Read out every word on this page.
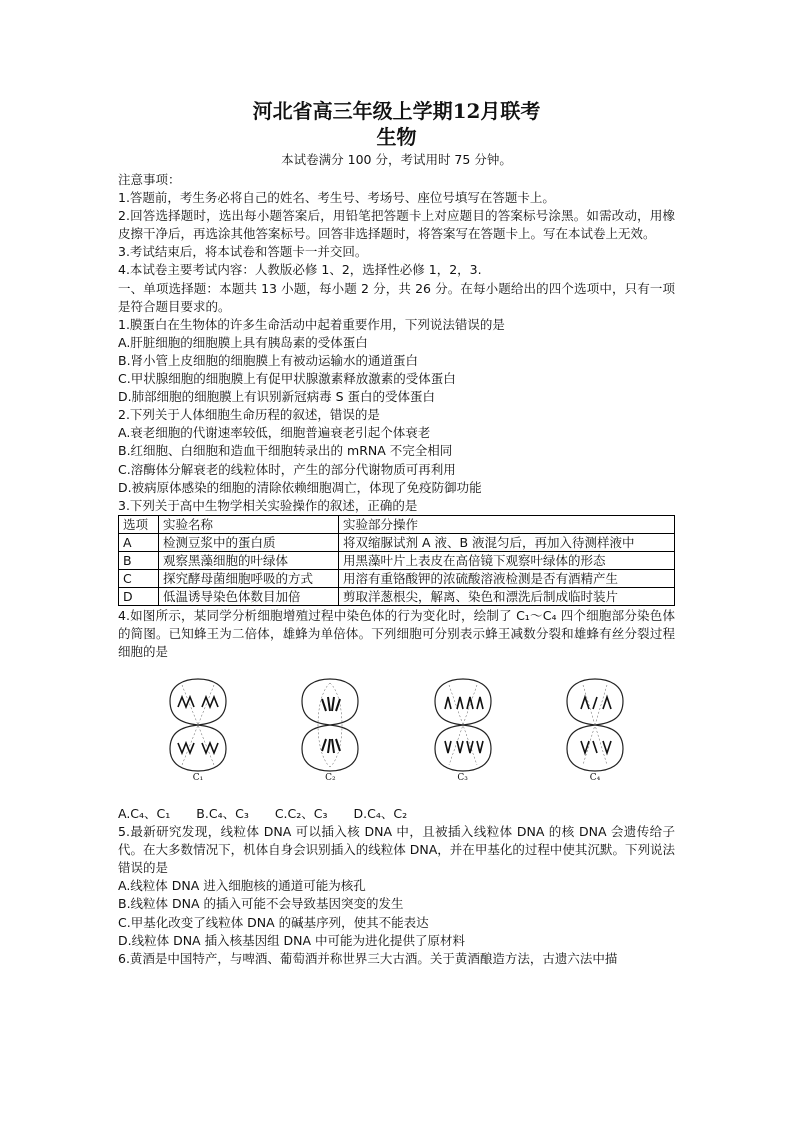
河北省高三年级上学期12月联考
生物

本试卷满分 100 分，考试用时 75 分钟。

注意事项：

1.答题前，考生务必将自己的姓名、考生号、考场号、座位号填写在答题卡上。

2.回答选择题时，选出每小题答案后，用铅笔把答题卡上对应题目的答案标号涂黑。如需改动，用橡皮擦干净后，再选涂其他答案标号。回答非选择题时，将答案写在答题卡上。写在本试卷上无效。

3.考试结束后，将本试卷和答题卡一并交回。

4.本试卷主要考试内容：人教版必修 1、2，选择性必修 1，2，3.

一、单项选择题：本题共 13 小题，每小题 2 分，共 26 分。在每小题给出的四个选项中，只有一项是符合题目要求的。

1.膜蛋白在生物体的许多生命活动中起着重要作用，下列说法错误的是

A.肝脏细胞的细胞膜上具有胰岛素的受体蛋白

B.肾小管上皮细胞的细胞膜上有被动运输水的通道蛋白

C.甲状腺细胞的细胞膜上有促甲状腺激素释放激素的受体蛋白

D.肺部细胞的细胞膜上有识别新冠病毒 S 蛋白的受体蛋白

2.下列关于人体细胞生命历程的叙述，错误的是

A.衰老细胞的代谢速率较低，细胞普遍衰老引起个体衰老

B.红细胞、白细胞和造血干细胞转录出的 mRNA 不完全相同

C.溶酶体分解衰老的线粒体时，产生的部分代谢物质可再利用

D.被病原体感染的细胞的清除依赖细胞凋亡，体现了免疫防御功能

3.下列关于高中生物学相关实验操作的叙述，正确的是

选项	实验名称	实验部分操作
A	检测豆浆中的蛋白质	将双缩脲试剂 A 液、B 液混匀后，再加入待测样液中
B	观察黑藻细胞的叶绿体	用黑藻叶片上表皮在高倍镜下观察叶绿体的形态
C	探究酵母菌细胞呼吸的方式	用溶有重铬酸钾的浓硫酸溶液检测是否有酒精产生
D	低温诱导染色体数目加倍	剪取洋葱根尖，解离、染色和漂洗后制成临时装片

4.如图所示，某同学分析细胞增殖过程中染色体的行为变化时，绘制了 C₁～C₄ 四个细胞部分染色体的简图。已知蜂王为二倍体，雄蜂为单倍体。下列细胞可分别表示蜂王减数分裂和雄蜂有丝分裂过程细胞的是

C₁	C₂	C₃	C₄
A.C₄、C₁ B.C₄、C₃ C.C₂、C₃ D.C₄、C₂

5.最新研究发现，线粒体 DNA 可以插入核 DNA 中，且被插入线粒体 DNA 的核 DNA 会遗传给子代。在大多数情况下，机体自身会识别插入的线粒体 DNA，并在甲基化的过程中使其沉默。下列说法错误的是

A.线粒体 DNA 进入细胞核的通道可能为核孔

B.线粒体 DNA 的插入可能不会导致基因突变的发生

C.甲基化改变了线粒体 DNA 的碱基序列，使其不能表达

D.线粒体 DNA 插入核基因组 DNA 中可能为进化提供了原材料

6.黄酒是中国特产，与啤酒、葡萄酒并称世界三大古酒。关于黄酒酿造方法，古遗六法中描
